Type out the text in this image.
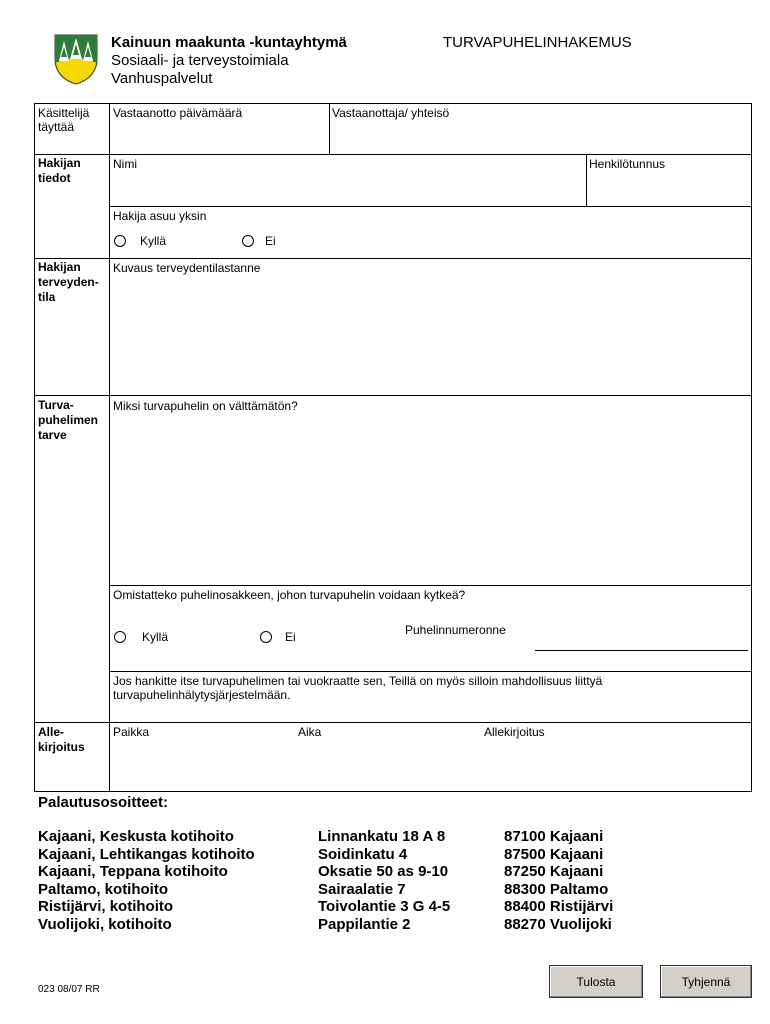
Kainuun maakunta -kuntayhtymä
Sosiaali- ja terveystoimiala
Vanhuspalvelut
TURVAPUHELINHAKEMUS
Käsittelijä täyttää
Vastaanotto päivämäärä	Vastaanottaja/ yhteisö
Hakijan tiedot
Nimi	Henkilötunnus
Hakija asuu yksin
Kyllä	Ei
Hakijan terveyden-tila
Kuvaus terveydentilastanne
Turva-puhelimen tarve
Miksi turvapuhelin on välttämätön?
Omistatteko puhelinosakkeen, johon turvapuhelin voidaan kytkeä?
Kyllä	Ei	Puhelinnumeronne
Jos hankitte itse turvapuhelimen tai vuokraatte sen, Teillä on myös silloin mahdollisuus liittyä turvapuhelinhälytysjärjestelmään.
Alle-kirjoitus
Paikka	Aika	Allekirjoitus
Palautusosoitteet:
Kajaani, Keskusta kotihoito	Linnankatu 18 A 8	87100 Kajaani
Kajaani, Lehtikangas kotihoito	Soidinkatu 4	87500 Kajaani
Kajaani, Teppana kotihoito	Oksatie 50 as 9-10	87250 Kajaani
Paltamo, kotihoito	Sairaalatie 7	88300 Paltamo
Ristijärvi, kotihoito	Toivolantie 3 G 4-5	88400 Ristijärvi
Vuolijoki, kotihoito	Pappilantie 2	88270 Vuolijoki
023 08/07 RR
Tulosta	Tyhjennä
